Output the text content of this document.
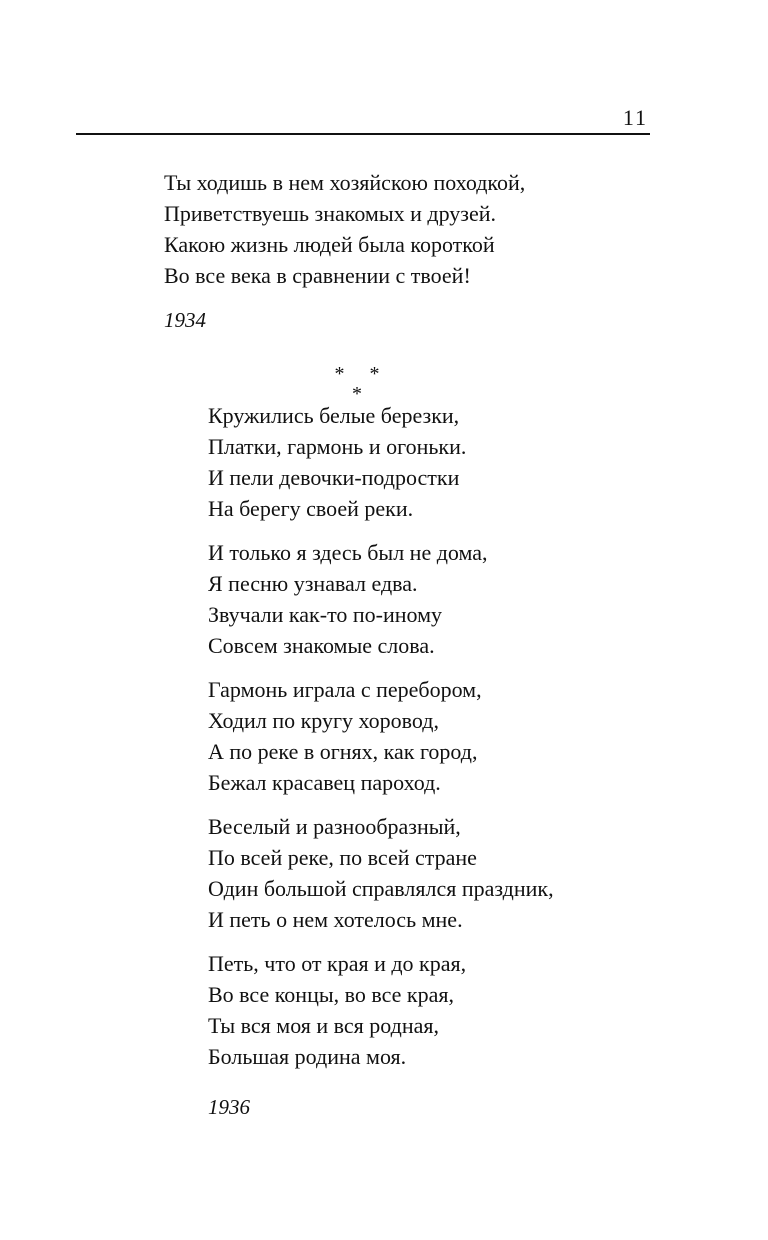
11
Ты ходишь в нем хозяйскою походкой,
Приветствуешь знакомых и друзей.
Какою жизнь людей была короткой
Во все века в сравнении с твоей!
1934
* * *
Кружились белые березки,
Платки, гармонь и огоньки.
И пели девочки-подростки
На берегу своей реки.
И только я здесь был не дома,
Я песню узнавал едва.
Звучали как-то по-иному
Совсем знакомые слова.
Гармонь играла с перебором,
Ходил по кругу хоровод,
А по реке в огнях, как город,
Бежал красавец пароход.
Веселый и разнообразный,
По всей реке, по всей стране
Один большой справлялся праздник,
И петь о нем хотелось мне.
Петь, что от края и до края,
Во все концы, во все края,
Ты вся моя и вся родная,
Большая родина моя.
1936
